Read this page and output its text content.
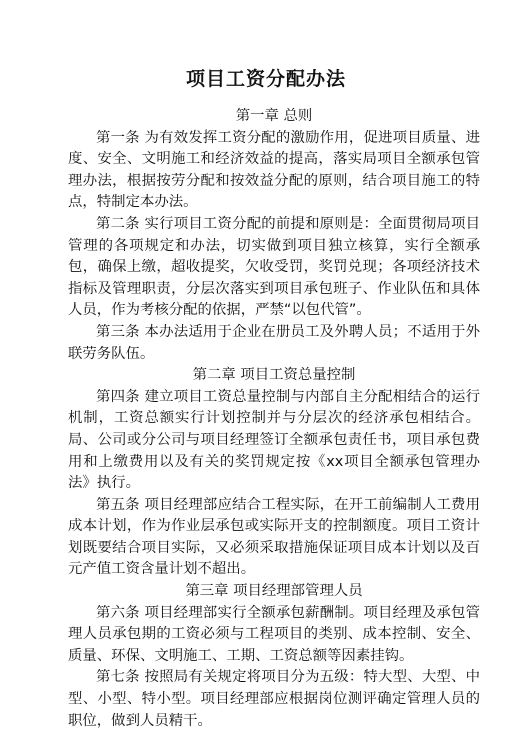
项目工资分配办法
第一章 总则

第一条 为有效发挥工资分配的激励作用，促进项目质量、进度、安全、文明施工和经济效益的提高，落实局项目全额承包管理办法，根据按劳分配和按效益分配的原则，结合项目施工的特点，特制定本办法。

第二条 实行项目工资分配的前提和原则是：全面贯彻局项目管理的各项规定和办法，切实做到项目独立核算，实行全额承包，确保上缴，超收提奖，欠收受罚，奖罚兑现；各项经济技术指标及管理职责，分层次落实到项目承包班子、作业队伍和具体人员，作为考核分配的依据，严禁“以包代管”。

第三条 本办法适用于企业在册员工及外聘人员；不适用于外联劳务队伍。

第二章 项目工资总量控制

第四条 建立项目工资总量控制与内部自主分配相结合的运行机制，工资总额实行计划控制并与分层次的经济承包相结合。局、公司或分公司与项目经理签订全额承包责任书，项目承包费用和上缴费用以及有关的奖罚规定按《xx项目全额承包管理办法》执行。

第五条 项目经理部应结合工程实际，在开工前编制人工费用成本计划，作为作业层承包或实际开支的控制额度。项目工资计划既要结合项目实际，又必须采取措施保证项目成本计划以及百元产值工资含量计划不超出。

第三章 项目经理部管理人员

第六条 项目经理部实行全额承包薪酬制。项目经理及承包管理人员承包期的工资必须与工程项目的类别、成本控制、安全、质量、环保、文明施工、工期、工资总额等因素挂钩。

第七条 按照局有关规定将项目分为五级：特大型、大型、中型、小型、特小型。项目经理部应根据岗位测评确定管理人员的职位，做到人员精干。
